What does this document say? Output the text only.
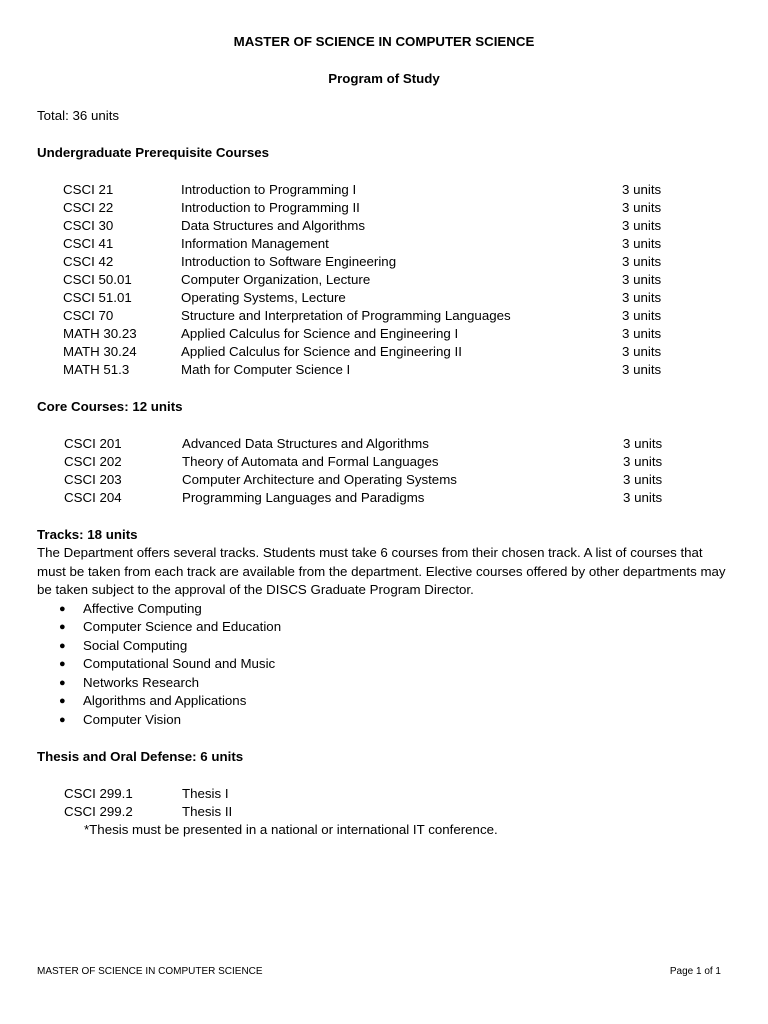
MASTER OF SCIENCE IN COMPUTER SCIENCE

Program of Study

Total: 36 units

Undergraduate Prerequisite Courses

CSCI 21	Introduction to Programming I	3 units
CSCI 22	Introduction to Programming II	3 units
CSCI 30	Data Structures and Algorithms	3 units
CSCI 41	Information Management	3 units
CSCI 42	Introduction to Software Engineering	3 units
CSCI 50.01	Computer Organization, Lecture	3 units
CSCI 51.01	Operating Systems, Lecture	3 units
CSCI 70	Structure and Interpretation of Programming Languages	3 units
MATH 30.23	Applied Calculus for Science and Engineering I	3 units
MATH 30.24	Applied Calculus for Science and Engineering II	3 units
MATH 51.3	Math for Computer Science I	3 units

Core Courses: 12 units

CSCI 201	Advanced Data Structures and Algorithms	3 units
CSCI 202	Theory of Automata and Formal Languages	3 units
CSCI 203	Computer Architecture and Operating Systems	3 units
CSCI 204	Programming Languages and Paradigms	3 units

Tracks: 18 units

The Department offers several tracks. Students must take 6 courses from their chosen track. A list of courses that must be taken from each track are available from the department. Elective courses offered by other departments may be taken subject to the approval of the DISCS Graduate Program Director.

●	Affective Computing
●	Computer Science and Education
●	Social Computing
●	Computational Sound and Music
●	Networks Research
●	Algorithms and Applications
●	Computer Vision

Thesis and Oral Defense: 6 units

CSCI 299.1	Thesis I
CSCI 299.2	Thesis II
*Thesis must be presented in a national or international IT conference.
MASTER OF SCIENCE IN COMPUTER SCIENCE	Page 1 of 1
